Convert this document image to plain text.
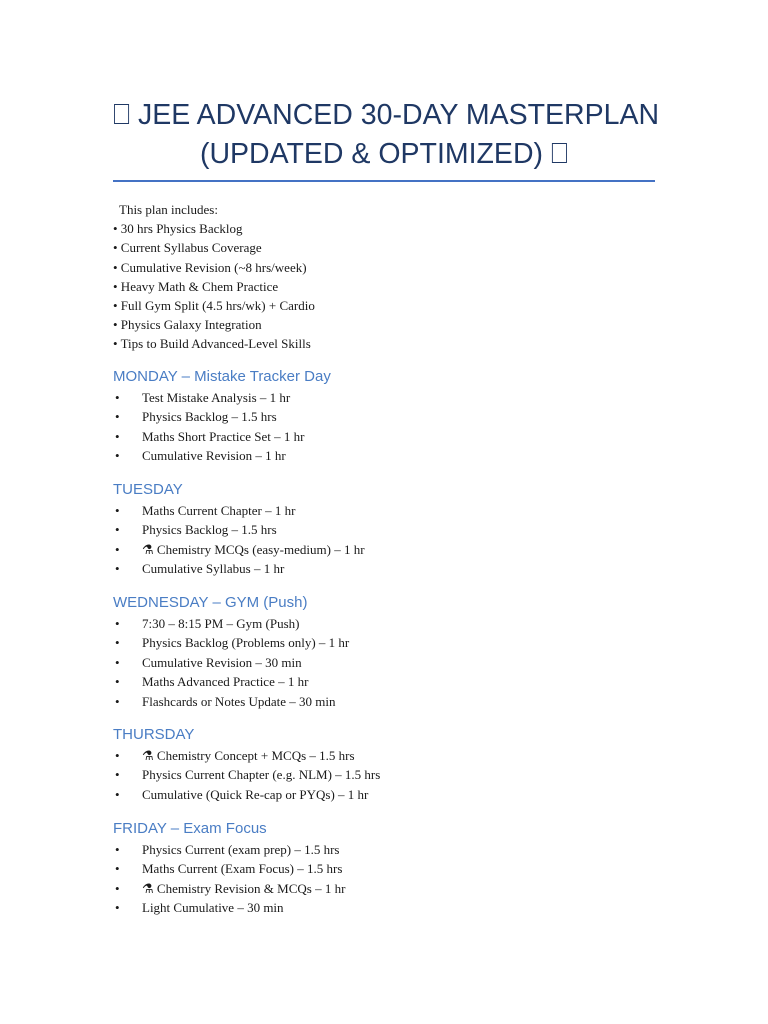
⎕ JEE ADVANCED 30-DAY MASTERPLAN
(UPDATED & OPTIMIZED) ⎕
This plan includes:
• 30 hrs Physics Backlog
• Current Syllabus Coverage
• Cumulative Revision (~8 hrs/week)
• Heavy Math & Chem Practice
• Full Gym Split (4.5 hrs/wk) + Cardio
• Physics Galaxy Integration
• Tips to Build Advanced-Level Skills
MONDAY – Mistake Tracker Day
• Test Mistake Analysis – 1 hr
• Physics Backlog – 1.5 hrs
• Maths Short Practice Set – 1 hr
• Cumulative Revision – 1 hr
TUESDAY
• Maths Current Chapter – 1 hr
• Physics Backlog – 1.5 hrs
• ⚗ Chemistry MCQs (easy-medium) – 1 hr
• Cumulative Syllabus – 1 hr
WEDNESDAY – GYM (Push)
• 7:30 – 8:15 PM – Gym (Push)
• Physics Backlog (Problems only) – 1 hr
• Cumulative Revision – 30 min
• Maths Advanced Practice – 1 hr
• Flashcards or Notes Update – 30 min
THURSDAY
• ⚗ Chemistry Concept + MCQs – 1.5 hrs
• Physics Current Chapter (e.g. NLM) – 1.5 hrs
• Cumulative (Quick Re-cap or PYQs) – 1 hr
FRIDAY – Exam Focus
• Physics Current (exam prep) – 1.5 hrs
• Maths Current (Exam Focus) – 1.5 hrs
• ⚗ Chemistry Revision & MCQs – 1 hr
• Light Cumulative – 30 min
